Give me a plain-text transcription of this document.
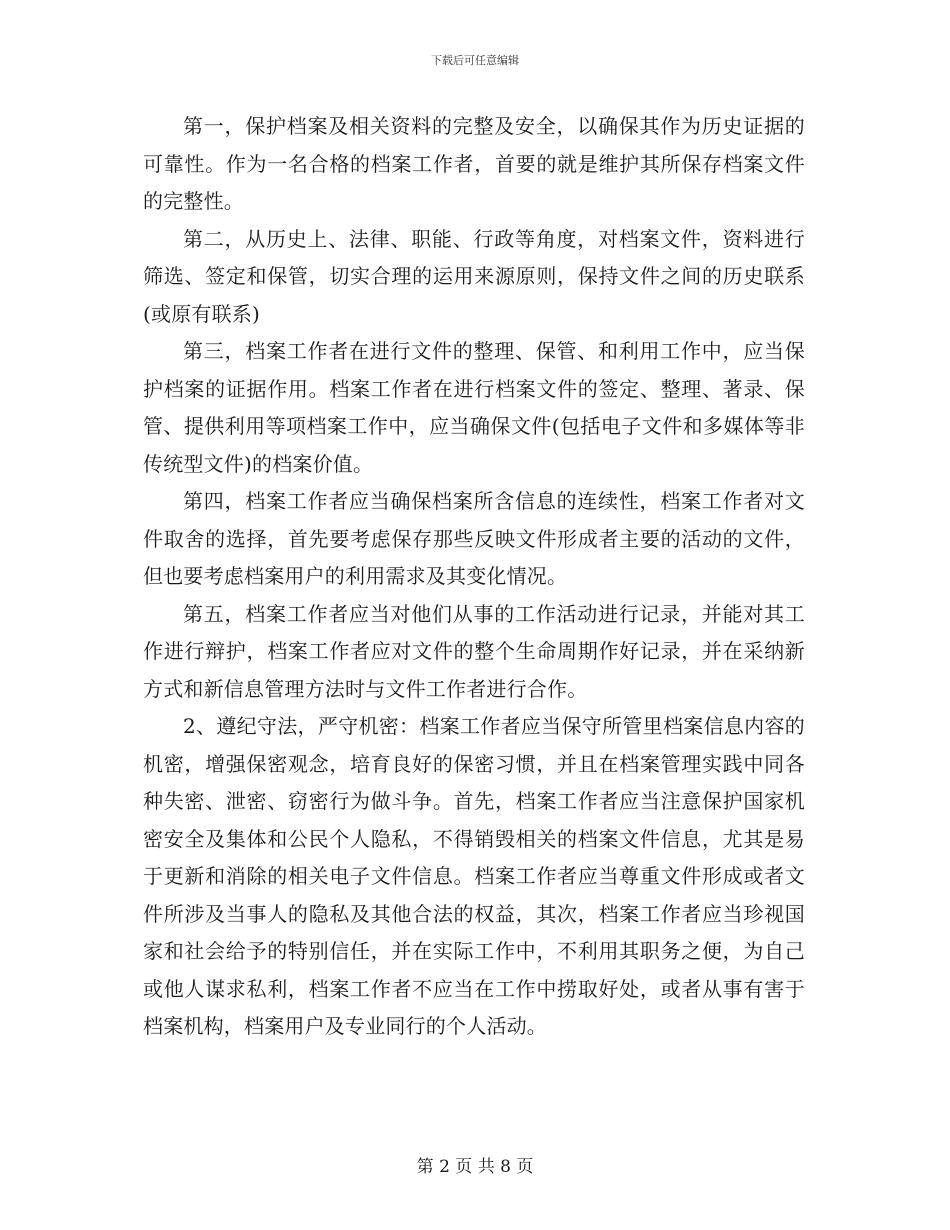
下载后可任意编辑

第一，保护档案及相关资料的完整及安全，以确保其作为历史证据的可靠性。作为一名合格的档案工作者，首要的就是维护其所保存档案文件的完整性。

第二，从历史上、法律、职能、行政等角度，对档案文件，资料进行筛选、签定和保管，切实合理的运用来源原则，保持文件之间的历史联系(或原有联系)

第三，档案工作者在进行文件的整理、保管、和利用工作中，应当保护档案的证据作用。档案工作者在进行档案文件的签定、整理、著录、保管、提供利用等项档案工作中，应当确保文件(包括电子文件和多媒体等非传统型文件)的档案价值。

第四，档案工作者应当确保档案所含信息的连续性，档案工作者对文件取舍的选择，首先要考虑保存那些反映文件形成者主要的活动的文件，但也要考虑档案用户的利用需求及其变化情况。

第五，档案工作者应当对他们从事的工作活动进行记录，并能对其工作进行辩护，档案工作者应对文件的整个生命周期作好记录，并在采纳新方式和新信息管理方法时与文件工作者进行合作。

2、遵纪守法，严守机密：档案工作者应当保守所管里档案信息内容的机密，增强保密观念，培育良好的保密习惯，并且在档案管理实践中同各种失密、泄密、窃密行为做斗争。首先，档案工作者应当注意保护国家机密安全及集体和公民个人隐私，不得销毁相关的档案文件信息，尤其是易于更新和消除的相关电子文件信息。档案工作者应当尊重文件形成或者文件所涉及当事人的隐私及其他合法的权益，其次，档案工作者应当珍视国家和社会给予的特别信任，并在实际工作中，不利用其职务之便，为自己或他人谋求私利，档案工作者不应当在工作中捞取好处，或者从事有害于档案机构，档案用户及专业同行的个人活动。

第 2 页 共 8 页
